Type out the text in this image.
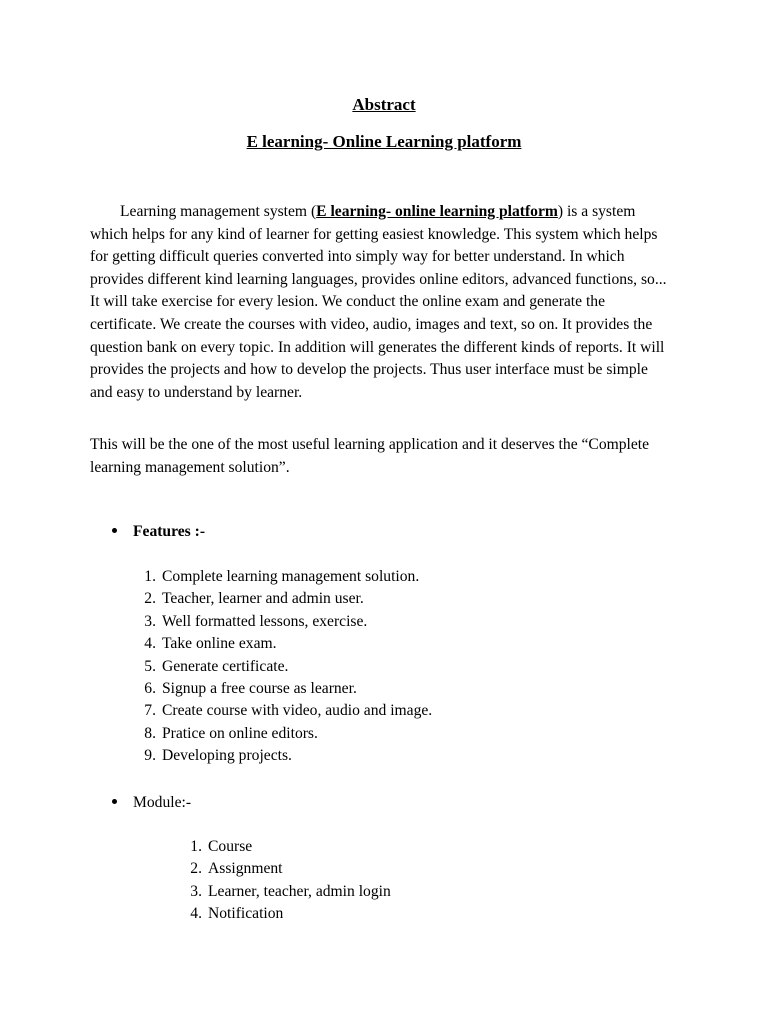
Abstract
E learning- Online Learning platform
Learning management system (E learning- online learning platform) is a system which helps for any kind of learner for getting easiest knowledge. This system which helps for getting difficult queries converted into simply way for better understand. In which provides different kind learning languages, provides online editors, advanced functions, so... It will take exercise for every lesion. We conduct the online exam and generate the certificate. We create the courses with video, audio, images and text, so on. It provides the question bank on every topic. In addition will generates the different kinds of reports. It will provides the projects and how to develop the projects. Thus user interface must be simple and easy to understand by learner.
This will be the one of the most useful learning application and it deserves the “Complete learning management solution”.
Features :-
1. Complete learning management solution.
2. Teacher, learner and admin user.
3. Well formatted lessons, exercise.
4. Take online exam.
5. Generate certificate.
6. Signup a free course as learner.
7. Create course with video, audio and image.
8. Pratice on online editors.
9. Developing projects.
Module:-
1. Course
2. Assignment
3. Learner, teacher, admin login
4. Notification
